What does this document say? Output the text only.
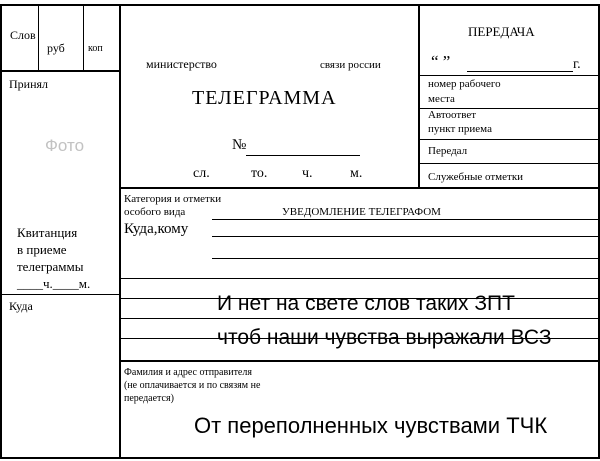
Слов
руб коп
Принял
Фото
Квитанция
в приеме
телеграммы
____ч.____м.
Куда
министерство	связи россии
ТЕЛЕГРАММА
№
сл.	то. ч.	м.
ПЕРЕДАЧА
“ ”	г.
номер рабочего
места
Автоответ
пункт приема
Передал
Служебные отметки
Категория и отметки
особого вида	УВЕДОМЛЕНИЕ ТЕЛЕГРАФОМ
Куда,кому
И нет на свете слов таких ЗПТ
чтоб наши чувства выражали ВСЗ
Фамилия и адрес отправителя
(не оплачивается и по связям не
передается)
От переполненных чувствами ТЧК
